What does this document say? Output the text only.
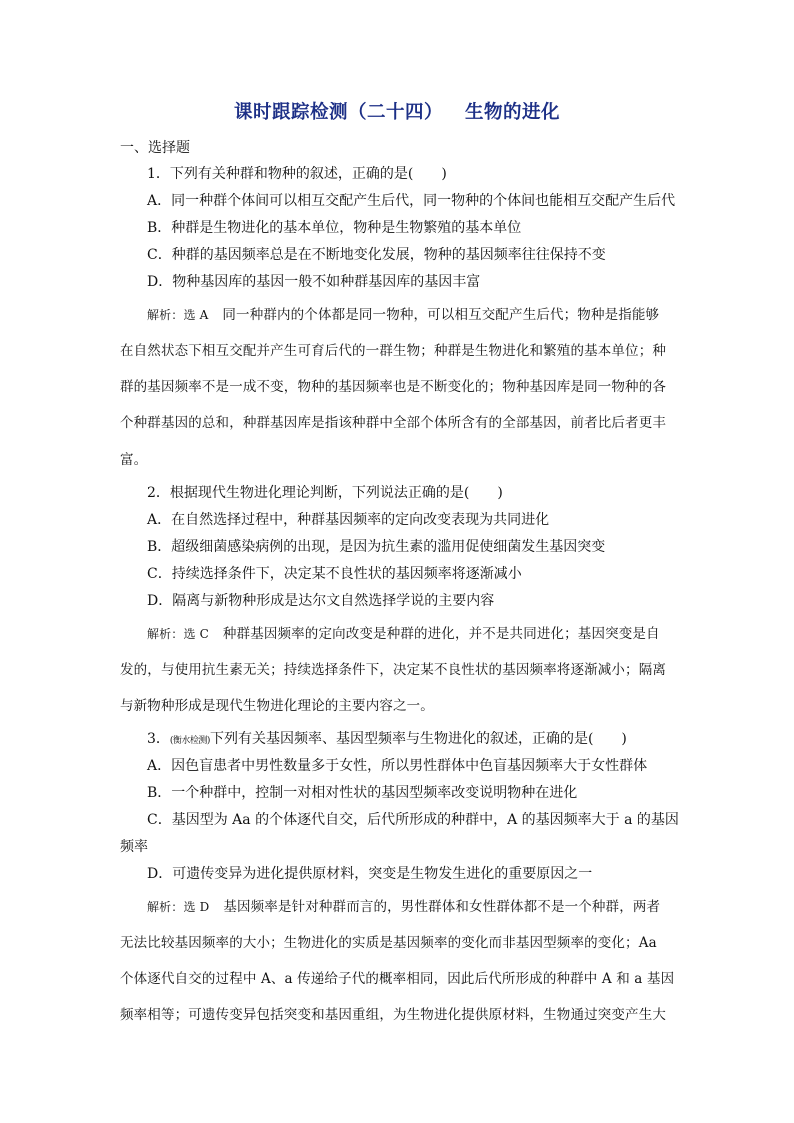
课时跟踪检测（二十四） 生物的进化
一、选择题
1．下列有关种群和物种的叙述，正确的是(　　)
A．同一种群个体间可以相互交配产生后代，同一物种的个体间也能相互交配产生后代
B．种群是生物进化的基本单位，物种是生物繁殖的基本单位
C．种群的基因频率总是在不断地变化发展，物种的基因频率往往保持不变
D．物种基因库的基因一般不如种群基因库的基因丰富
解析：选 A 同一种群内的个体都是同一物种，可以相互交配产生后代；物种是指能够
在自然状态下相互交配并产生可育后代的一群生物；种群是生物进化和繁殖的基本单位；种
群的基因频率不是一成不变，物种的基因频率也是不断变化的；物种基因库是同一物种的各
个种群基因的总和，种群基因库是指该种群中全部个体所含有的全部基因，前者比后者更丰
富。
2．根据现代生物进化理论判断，下列说法正确的是(　　)
A．在自然选择过程中，种群基因频率的定向改变表现为共同进化
B．超级细菌感染病例的出现，是因为抗生素的滥用促使细菌发生基因突变
C．持续选择条件下，决定某不良性状的基因频率将逐渐减小
D．隔离与新物种形成是达尔文自然选择学说的主要内容
解析：选 C 种群基因频率的定向改变是种群的进化，并不是共同进化；基因突变是自
发的，与使用抗生素无关；持续选择条件下，决定某不良性状的基因频率将逐渐减小；隔离
与新物种形成是现代生物进化理论的主要内容之一。
3．(衡水检测)下列有关基因频率、基因型频率与生物进化的叙述，正确的是(　　)
A．因色盲患者中男性数量多于女性，所以男性群体中色盲基因频率大于女性群体
B．一个种群中，控制一对相对性状的基因型频率改变说明物种在进化
C．基因型为 Aa 的个体逐代自交，后代所形成的种群中，A 的基因频率大于 a 的基因
频率
D．可遗传变异为进化提供原材料，突变是生物发生进化的重要原因之一
解析：选 D 基因频率是针对种群而言的，男性群体和女性群体都不是一个种群，两者
无法比较基因频率的大小；生物进化的实质是基因频率的变化而非基因型频率的变化；Aa
个体逐代自交的过程中 A、a 传递给子代的概率相同，因此后代所形成的种群中 A 和 a 基因
频率相等；可遗传变异包括突变和基因重组，为生物进化提供原材料，生物通过突变产生大
